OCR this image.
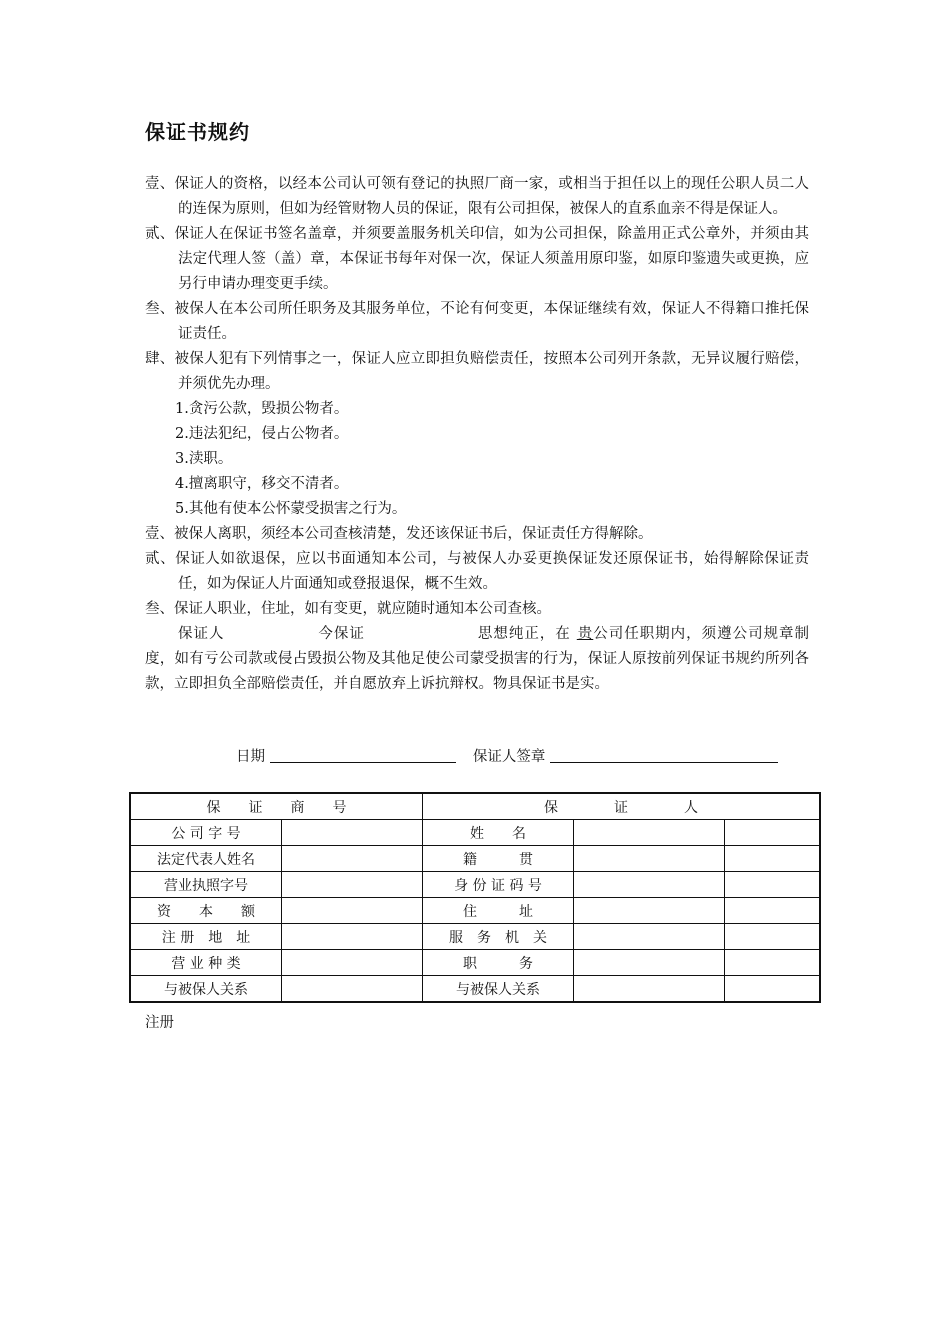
保证书规约
壹、保证人的资格，以经本公司认可领有登记的执照厂商一家，或相当于担任以上的现任公职人员二人的连保为原则，但如为经管财物人员的保证，限有公司担保，被保人的直系血亲不得是保证人。
贰、保证人在保证书签名盖章，并须要盖服务机关印信，如为公司担保，除盖用正式公章外，并须由其法定代理人签（盖）章，本保证书每年对保一次，保证人须盖用原印鉴，如原印鉴遗失或更换，应另行申请办理变更手续。
叁、被保人在本公司所任职务及其服务单位，不论有何变更，本保证继续有效，保证人不得籍口推托保证责任。
肆、被保人犯有下列情事之一，保证人应立即担负赔偿责任，按照本公司列开条款，无异议履行赔偿，并须优先办理。
1.贪污公款，毁损公物者。
2.违法犯纪，侵占公物者。
3.渎职。
4.擅离职守，移交不清者。
5.其他有使本公怀蒙受损害之行为。
壹、被保人离职，须经本公司查核清楚，发还该保证书后，保证责任方得解除。
贰、保证人如欲退保，应以书面通知本公司，与被保人办妥更换保证发还原保证书，始得解除保证责任，如为保证人片面通知或登报退保，概不生效。
叁、保证人职业，住址，如有变更，就应随时通知本公司查核。
保证人	今保证	思想纯正，在 贵公司任职期内，须遵公司规章制度，如有亏公司款或侵占毁损公物及其他足使公司蒙受损害的行为，保证人原按前列保证书规约所列各款，立即担负全部赔偿责任，并自愿放弃上诉抗辩权。物具保证书是实。
日期	保证人签章
保　　证　　商　　号		保　　　　证　　　　人		
公 司 字 号		姓　　名		
法定代表人姓名		籍　　　贯		
营业执照字号		身 份 证 码 号		
资　　本　　额		住　　　址		
注 册　地　址		服　务　机　关		
营 业 种 类		职　　　务		
与被保人关系		与被保人关系		
注册
